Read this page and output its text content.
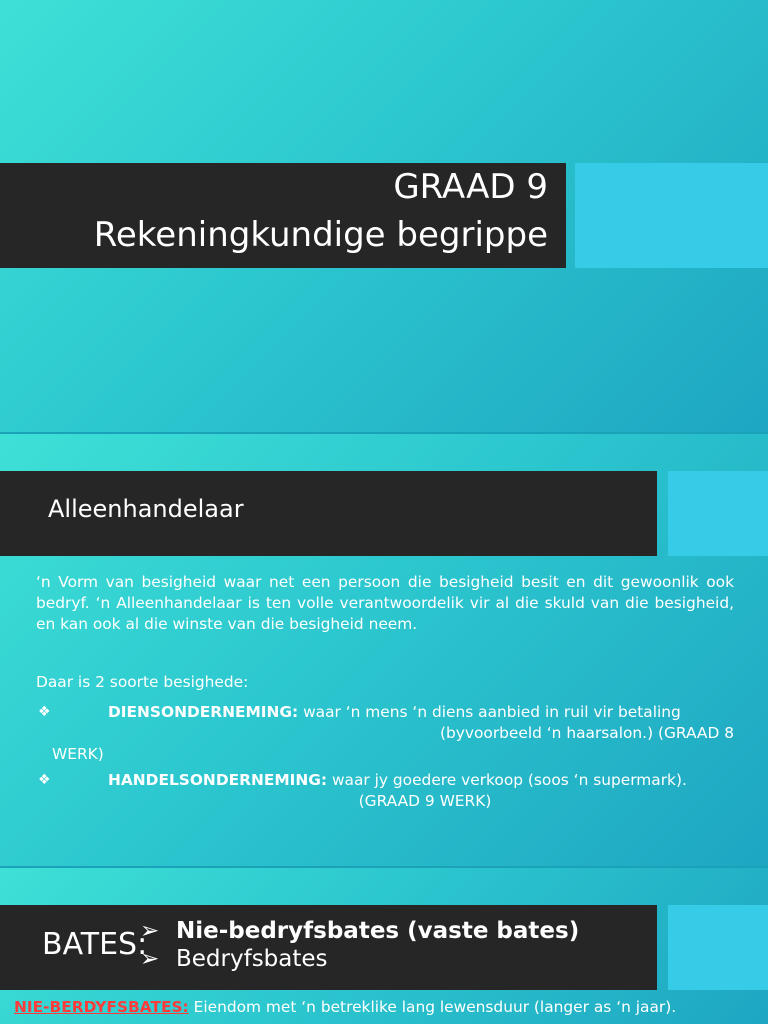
GRAAD 9
Rekeningkundige begrippe
Alleenhandelaar
‘n Vorm van besigheid waar net een persoon die besigheid besit en dit gewoonlik ook bedryf. ‘n Alleenhandelaar is ten volle verantwoordelik vir al die skuld van die besigheid, en kan ook al die winste van die besigheid neem.
Daar is 2 soorte besighede:
❖	DIENSONDERNEMING: waar ‘n mens ‘n diens aanbied in ruil vir betaling
(byvoorbeeld ‘n haarsalon.) (GRAAD 8
WERK)
❖	HANDELSONDERNEMING: waar jy goedere verkoop (soos ‘n supermark).
(GRAAD 9 WERK)
BATES:
➢ Nie-bedryfsbates (vaste bates)
➢ Bedryfsbates
NIE-BERDYFSBATES: Eiendom met ‘n betreklike lang lewensduur (langer as ‘n jaar).
